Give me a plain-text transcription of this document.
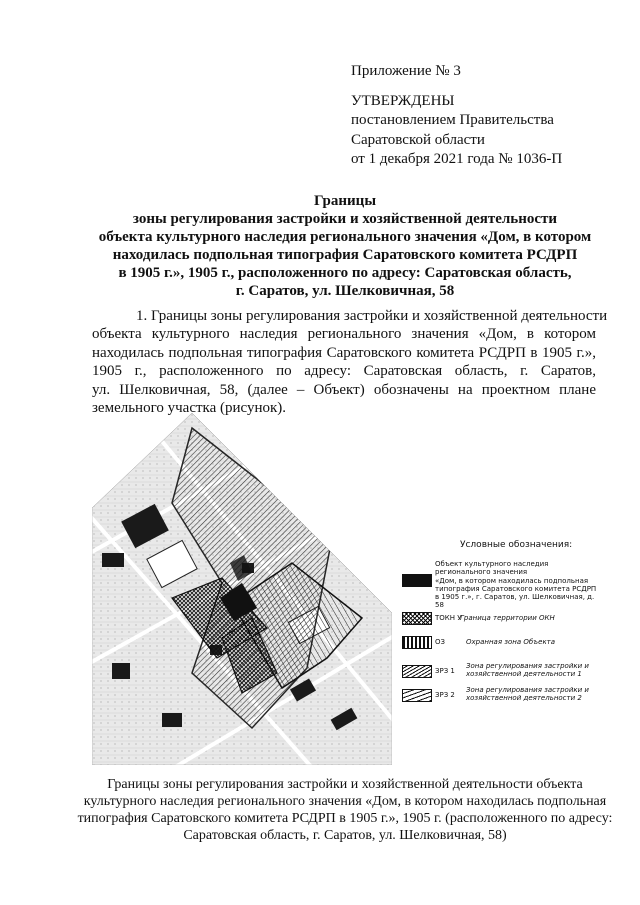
Приложение № 3
УТВЕРЖДЕНЫ
постановлением Правительства
Саратовской области
от 1 декабря 2021 года № 1036-П
Границы
зоны регулирования застройки и хозяйственной деятельности
объекта культурного наследия регионального значения «Дом, в котором
находилась подпольная типография Саратовского комитета РСДРП
в 1905 г.», 1905 г., расположенного по адресу: Саратовская область,
г. Саратов, ул. Шелковичная, 58
1. Границы зоны регулирования застройки и хозяйственной деятельности
объекта культурного наследия регионального значения «Дом, в котором
находилась подпольная типография Саратовского комитета РСДРП в 1905 г.»,
1905 г., расположенного по адресу: Саратовская область, г. Саратов,
ул. Шелковичная, 58, (далее – Объект) обозначены на проектном плане
земельного участка (рисунок).
Условные обозначения:
Объект культурного наследия
регионального значения
«Дом, в котором находилась подпольная
типография Саратовского комитета РСДРП
в 1905 г.», г. Саратов, ул. Шелковичная, д. 58
ТОКН У
Граница территории ОКН
ОЗ	Охранная зона Объекта
ЗРЗ 1
Зона регулирования застройки и
хозяйственной деятельности 1
ЗРЗ 2
Зона регулирования застройки и
хозяйственной деятельности 2
Границы зоны регулирования застройки и хозяйственной деятельности объекта
культурного наследия регионального значения «Дом, в котором находилась подпольная
типография Саратовского комитета РСДРП в 1905 г.», 1905 г. (расположенного по адресу:
Саратовская область, г. Саратов, ул. Шелковичная, 58)
